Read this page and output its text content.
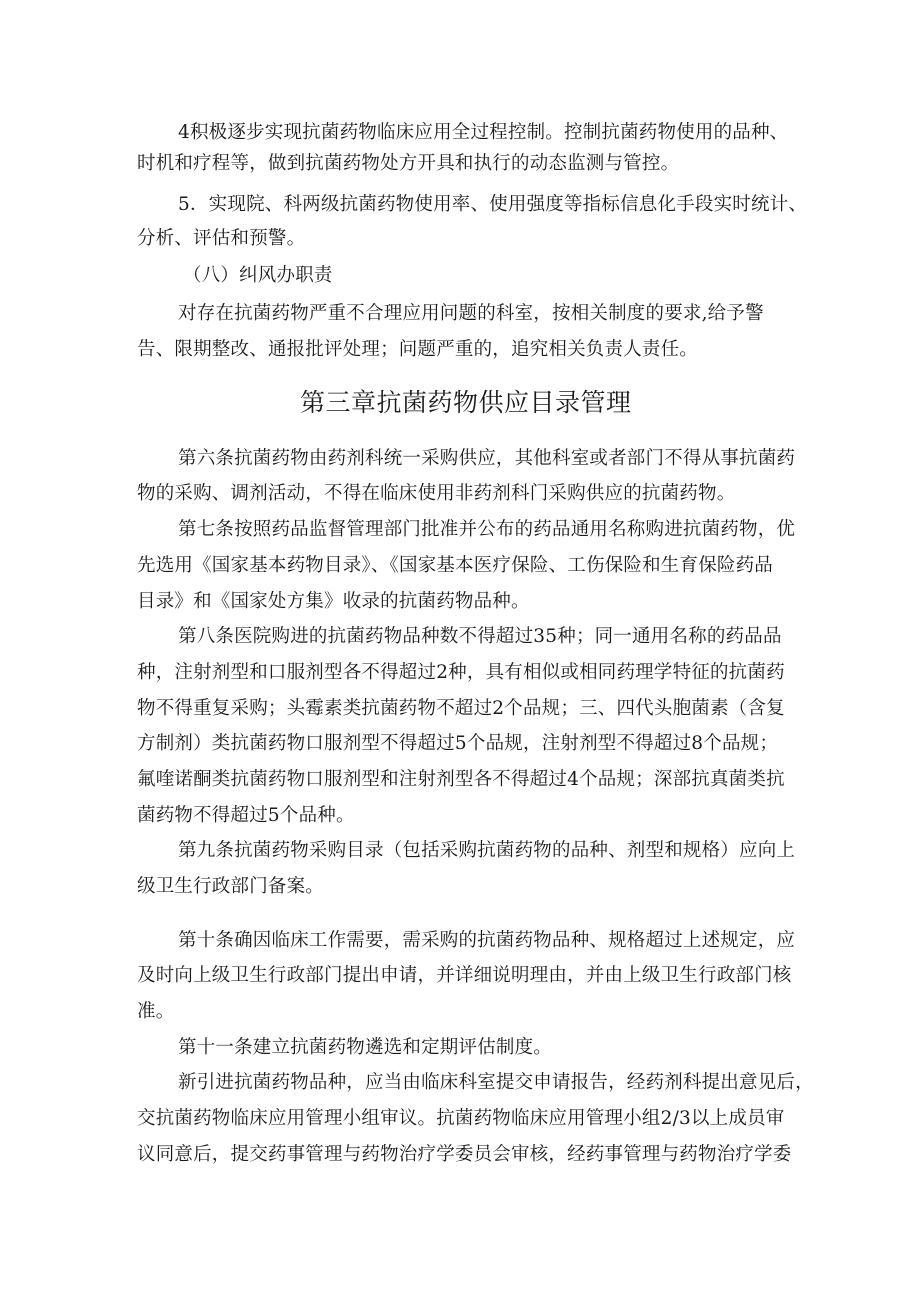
4积极逐步实现抗菌药物临床应用全过程控制。控制抗菌药物使用的品种、
时机和疗程等，做到抗菌药物处方开具和执行的动态监测与管控。
5．实现院、科两级抗菌药物使用率、使用强度等指标信息化手段实时统计、
分析、评估和预警。
（八）纠风办职责
对存在抗菌药物严重不合理应用问题的科室，按相关制度的要求,给予警
告、限期整改、通报批评处理；问题严重的，追究相关负责人责任。
第三章抗菌药物供应目录管理
第六条抗菌药物由药剂科统一采购供应，其他科室或者部门不得从事抗菌药
物的采购、调剂活动，不得在临床使用非药剂科门采购供应的抗菌药物。
第七条按照药品监督管理部门批准并公布的药品通用名称购进抗菌药物，优
先选用《国家基本药物目录》、《国家基本医疗保险、工伤保险和生育保险药品
目录》和《国家处方集》收录的抗菌药物品种。
第八条医院购进的抗菌药物品种数不得超过35种；同一通用名称的药品品
种，注射剂型和口服剂型各不得超过2种，具有相似或相同药理学特征的抗菌药
物不得重复采购；头霉素类抗菌药物不超过2个品规；三、四代头胞菌素（含复
方制剂）类抗菌药物口服剂型不得超过5个品规，注射剂型不得超过8个品规；
氟喹诺酮类抗菌药物口服剂型和注射剂型各不得超过4个品规；深部抗真菌类抗
菌药物不得超过5个品种。
第九条抗菌药物采购目录（包括采购抗菌药物的品种、剂型和规格）应向上
级卫生行政部门备案。
第十条确因临床工作需要，需采购的抗菌药物品种、规格超过上述规定，应
及时向上级卫生行政部门提出申请，并详细说明理由，并由上级卫生行政部门核
准。
第十一条建立抗菌药物遴选和定期评估制度。
新引进抗菌药物品种，应当由临床科室提交申请报告，经药剂科提出意见后，
交抗菌药物临床应用管理小组审议。抗菌药物临床应用管理小组2/3以上成员审
议同意后，提交药事管理与药物治疗学委员会审核，经药事管理与药物治疗学委
